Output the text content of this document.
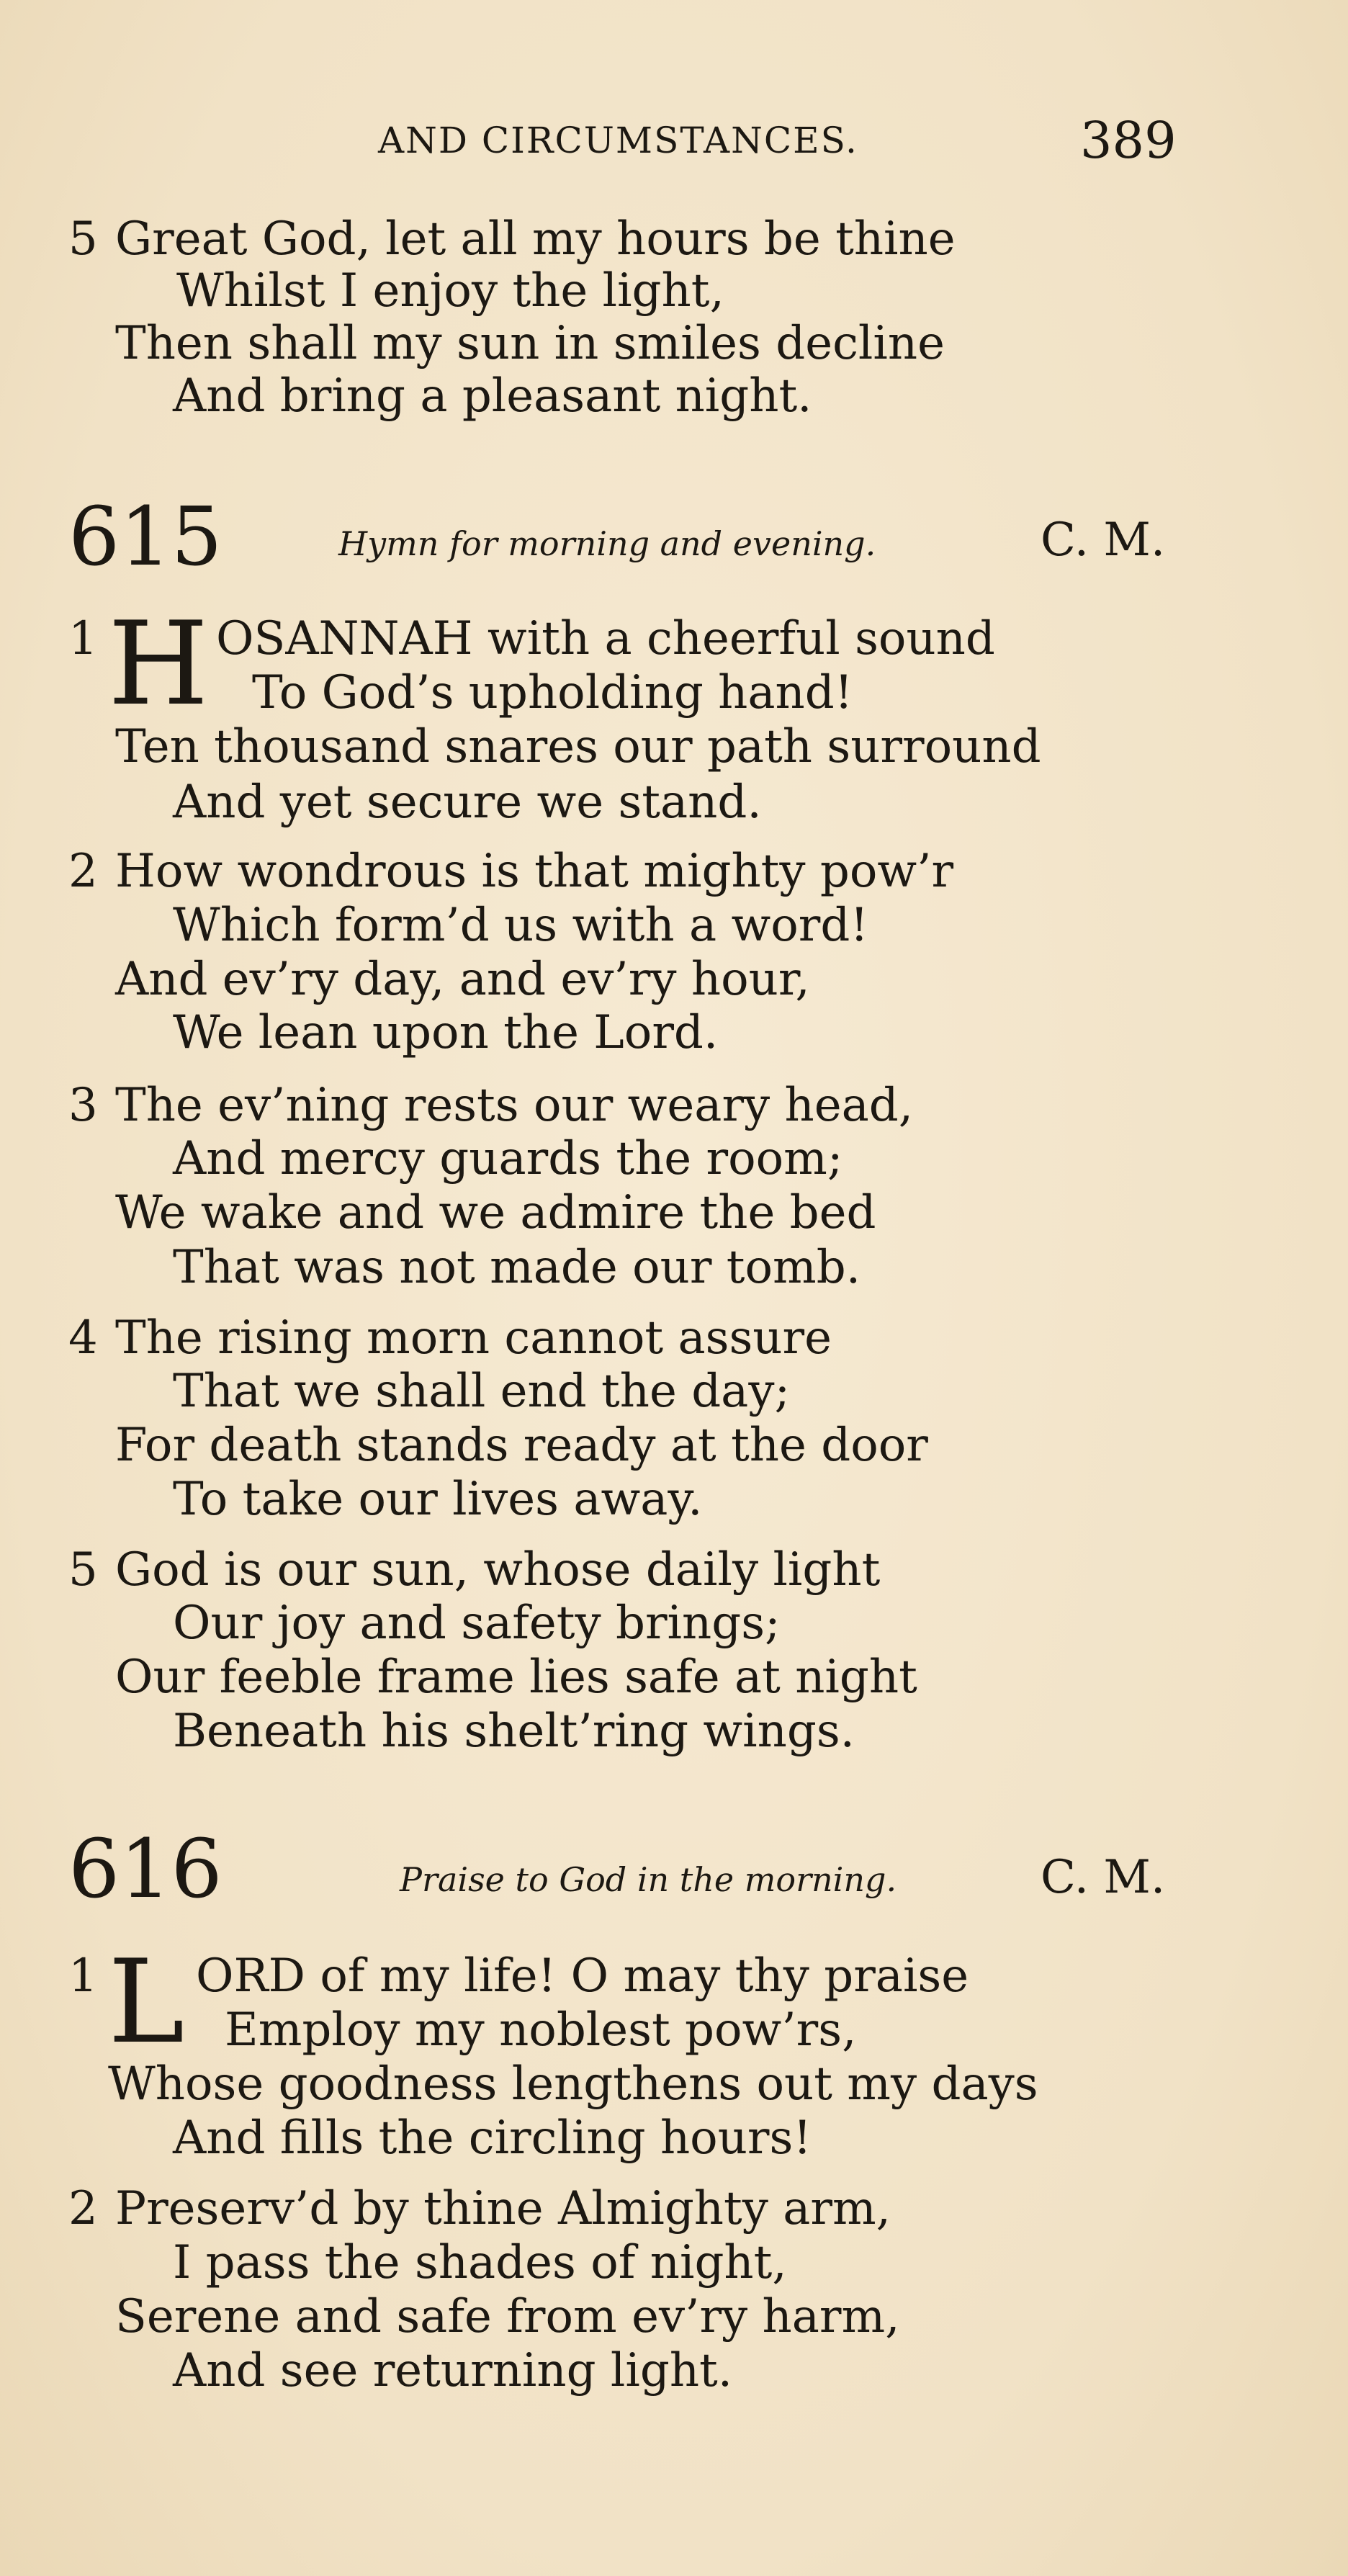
AND CIRCUMSTANCES.	389
5 Great God, let all my hours be thine
Whilst I enjoy the light,
Then shall my sun in smiles decline
And bring a pleasant night.
615	Hymn for morning and evening.	C. M.
1 H OSANNAH with a cheerful sound
To God’s upholding hand!
Ten thousand snares our path surround
And yet secure we stand.
2 How wondrous is that mighty pow’r
Which form’d us with a word!
And ev’ry day, and ev’ry hour,
We lean upon the Lord.
3 The ev’ning rests our weary head,
And mercy guards the room;
We wake and we admire the bed
That was not made our tomb.
4 The rising morn cannot assure
That we shall end the day;
For death stands ready at the door
To take our lives away.
5 God is our sun, whose daily light
Our joy and safety brings;
Our feeble frame lies safe at night
Beneath his shelt’ring wings.
616	Praise to God in the morning.	C. M.
1 L ORD of my life! O may thy praise
Employ my noblest pow’rs,
Whose goodness lengthens out my days
And fills the circling hours!
2 Preserv’d by thine Almighty arm,
I pass the shades of night,
Serene and safe from ev’ry harm,
And see returning light.
